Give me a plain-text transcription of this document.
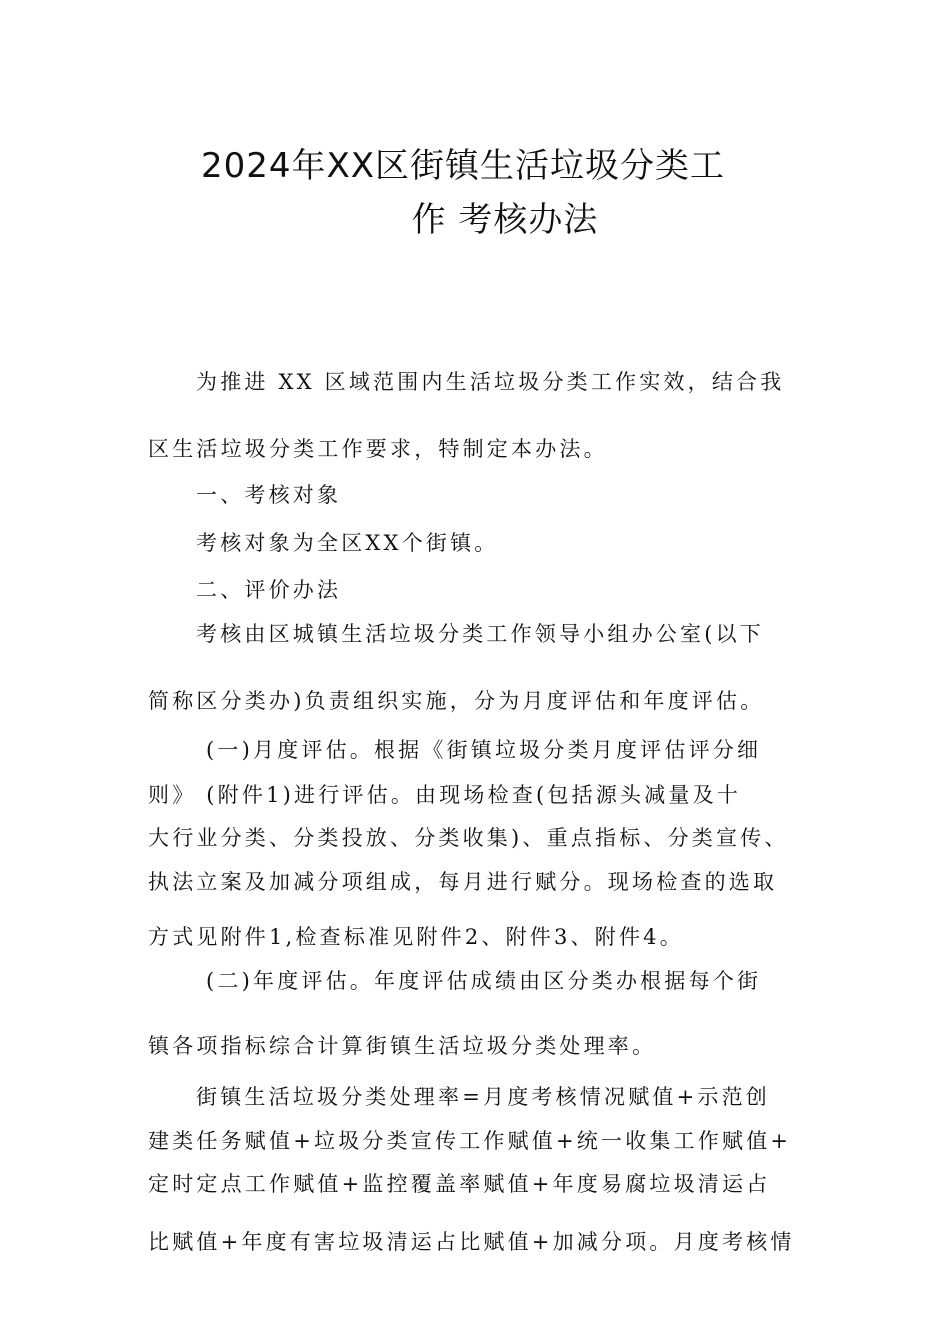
2024年XX区街镇生活垃圾分类工
作 考核办法

为推进 XX 区域范围内生活垃圾分类工作实效，结合我

区生活垃圾分类工作要求，特制定本办法。

一、考核对象

考核对象为全区XX个街镇。

二、评价办法

考核由区城镇生活垃圾分类工作领导小组办公室(以下

简称区分类办)负责组织实施，分为月度评估和年度评估。

(一)月度评估。根据《街镇垃圾分类月度评估评分细

则》 (附件1)进行评估。由现场检查(包括源头减量及十

大行业分类、分类投放、分类收集)、重点指标、分类宣传、

执法立案及加减分项组成，每月进行赋分。现场检查的选取

方式见附件1,检查标准见附件2、附件3、附件4。

(二)年度评估。年度评估成绩由区分类办根据每个街

镇各项指标综合计算街镇生活垃圾分类处理率。

街镇生活垃圾分类处理率=月度考核情况赋值+示范创

建类任务赋值+垃圾分类宣传工作赋值+统一收集工作赋值+

定时定点工作赋值+监控覆盖率赋值+年度易腐垃圾清运占

比赋值+年度有害垃圾清运占比赋值+加减分项。月度考核情
